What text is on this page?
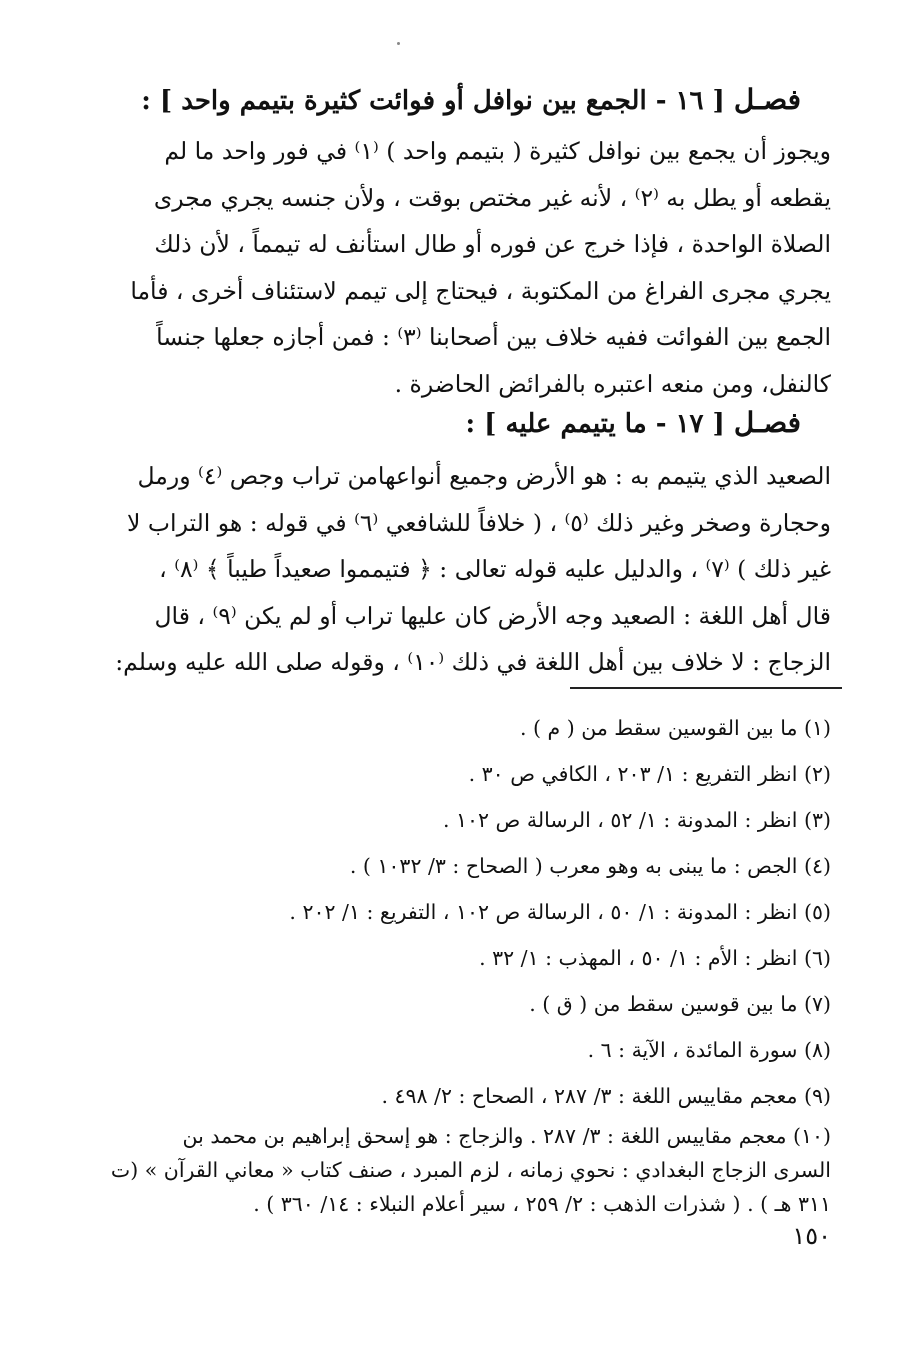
فصـل [ ١٦ - الجمع بين نوافل أو فوائت كثيرة بتيمم واحد ] :
ويجوز أن يجمع بين نوافل كثيرة ( بتيمم واحد ) ⁽١⁾ في فور واحد ما لم
يقطعه أو يطل به ⁽٢⁾ ، لأنه غير مختص بوقت ، ولأن جنسه يجري مجرى
الصلاة الواحدة ، فإذا خرج عن فوره أو طال استأنف له تيمماً ، لأن ذلك
يجري مجرى الفراغ من المكتوبة ، فيحتاج إلى تيمم لاستئناف أخرى ، فأما
الجمع بين الفوائت ففيه خلاف بين أصحابنا ⁽٣⁾ : فمن أجازه جعلها جنساً
كالنفل، ومن منعه اعتبره بالفرائض الحاضرة .
فصـل [ ١٧ - ما يتيمم عليه ] :
الصعيد الذي يتيمم به : هو الأرض وجميع أنواعهامن تراب وجص ⁽٤⁾ ورمل
وحجارة وصخر وغير ذلك ⁽٥⁾ ، ( خلافاً للشافعي ⁽٦⁾ في قوله : هو التراب لا
غير ذلك ) ⁽٧⁾ ، والدليل عليه قوله تعالى : ﴿ فتيمموا صعيداً طيباً ﴾ ⁽٨⁾ ،
قال أهل اللغة : الصعيد وجه الأرض كان عليها تراب أو لم يكن ⁽٩⁾ ، قال
الزجاج : لا خلاف بين أهل اللغة في ذلك ⁽١٠⁾ ، وقوله صلى الله عليه وسلم:
(١) ما بين القوسين سقط من ( م ) .
(٢) انظر التفريع : ١/ ٢٠٣ ، الكافي ص ٣٠ .
(٣) انظر : المدونة : ١/ ٥٢ ، الرسالة ص ١٠٢ .
(٤) الجص : ما يبنى به وهو معرب ( الصحاح : ٣/ ١٠٣٢ ) .
(٥) انظر : المدونة : ١/ ٥٠ ، الرسالة ص ١٠٢ ، التفريع : ١/ ٢٠٢ .
(٦) انظر : الأم : ١/ ٥٠ ، المهذب : ١/ ٣٢ .
(٧) ما بين قوسين سقط من ( ق ) .
(٨) سورة المائدة ، الآية : ٦ .
(٩) معجم مقاييس اللغة : ٣/ ٢٨٧ ، الصحاح : ٢/ ٤٩٨ .
(١٠) معجم مقاييس اللغة : ٣/ ٢٨٧ . والزجاج : هو إسحق إبراهيم بن محمد بن
السرى الزجاج البغدادي : نحوي زمانه ، لزم المبرد ، صنف كتاب « معاني القرآن » (ت
٣١١ هـ ) . ( شذرات الذهب : ٢/ ٢٥٩ ، سير أعلام النبلاء : ١٤/ ٣٦٠ ) .
١٥٠
